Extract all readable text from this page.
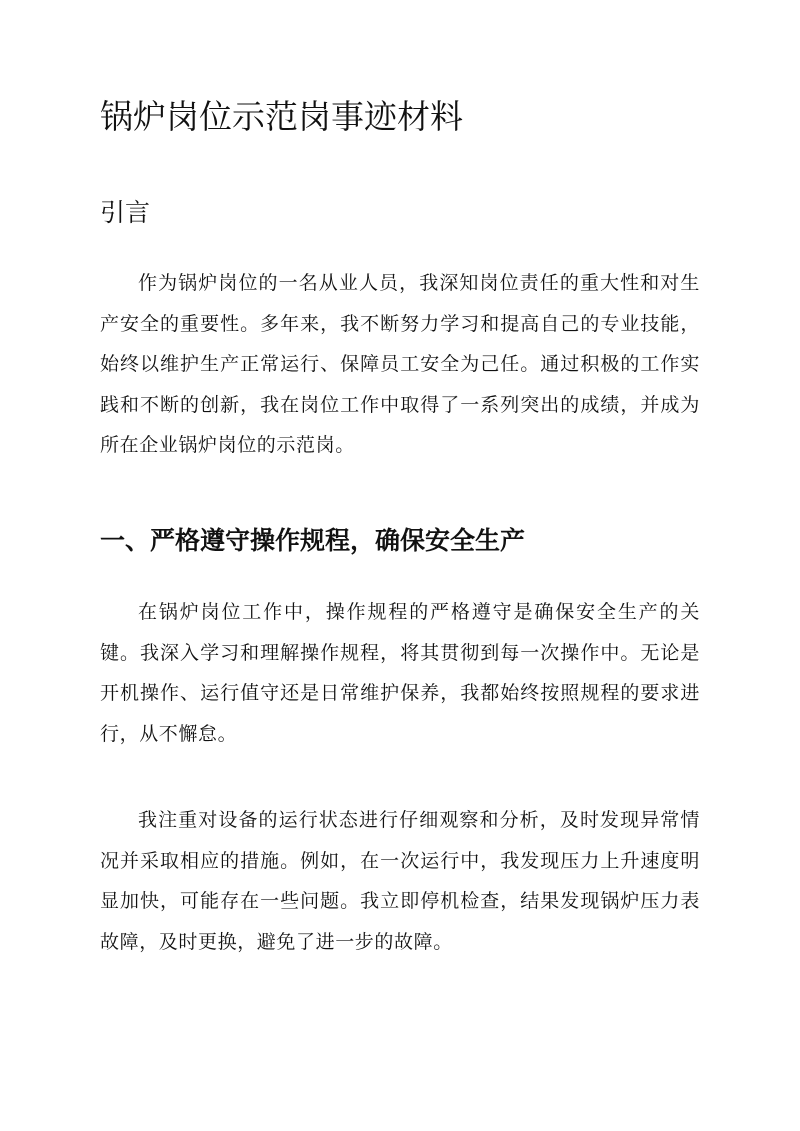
锅炉岗位示范岗事迹材料
引言

作为锅炉岗位的一名从业人员，我深知岗位责任的重大性和对生产安全的重要性。多年来，我不断努力学习和提高自己的专业技能，始终以维护生产正常运行、保障员工安全为己任。通过积极的工作实践和不断的创新，我在岗位工作中取得了一系列突出的成绩，并成为所在企业锅炉岗位的示范岗。

一、严格遵守操作规程，确保安全生产

在锅炉岗位工作中，操作规程的严格遵守是确保安全生产的关键。我深入学习和理解操作规程，将其贯彻到每一次操作中。无论是开机操作、运行值守还是日常维护保养，我都始终按照规程的要求进行，从不懈怠。

我注重对设备的运行状态进行仔细观察和分析，及时发现异常情况并采取相应的措施。例如，在一次运行中，我发现压力上升速度明显加快，可能存在一些问题。我立即停机检查，结果发现锅炉压力表故障，及时更换，避免了进一步的故障。
